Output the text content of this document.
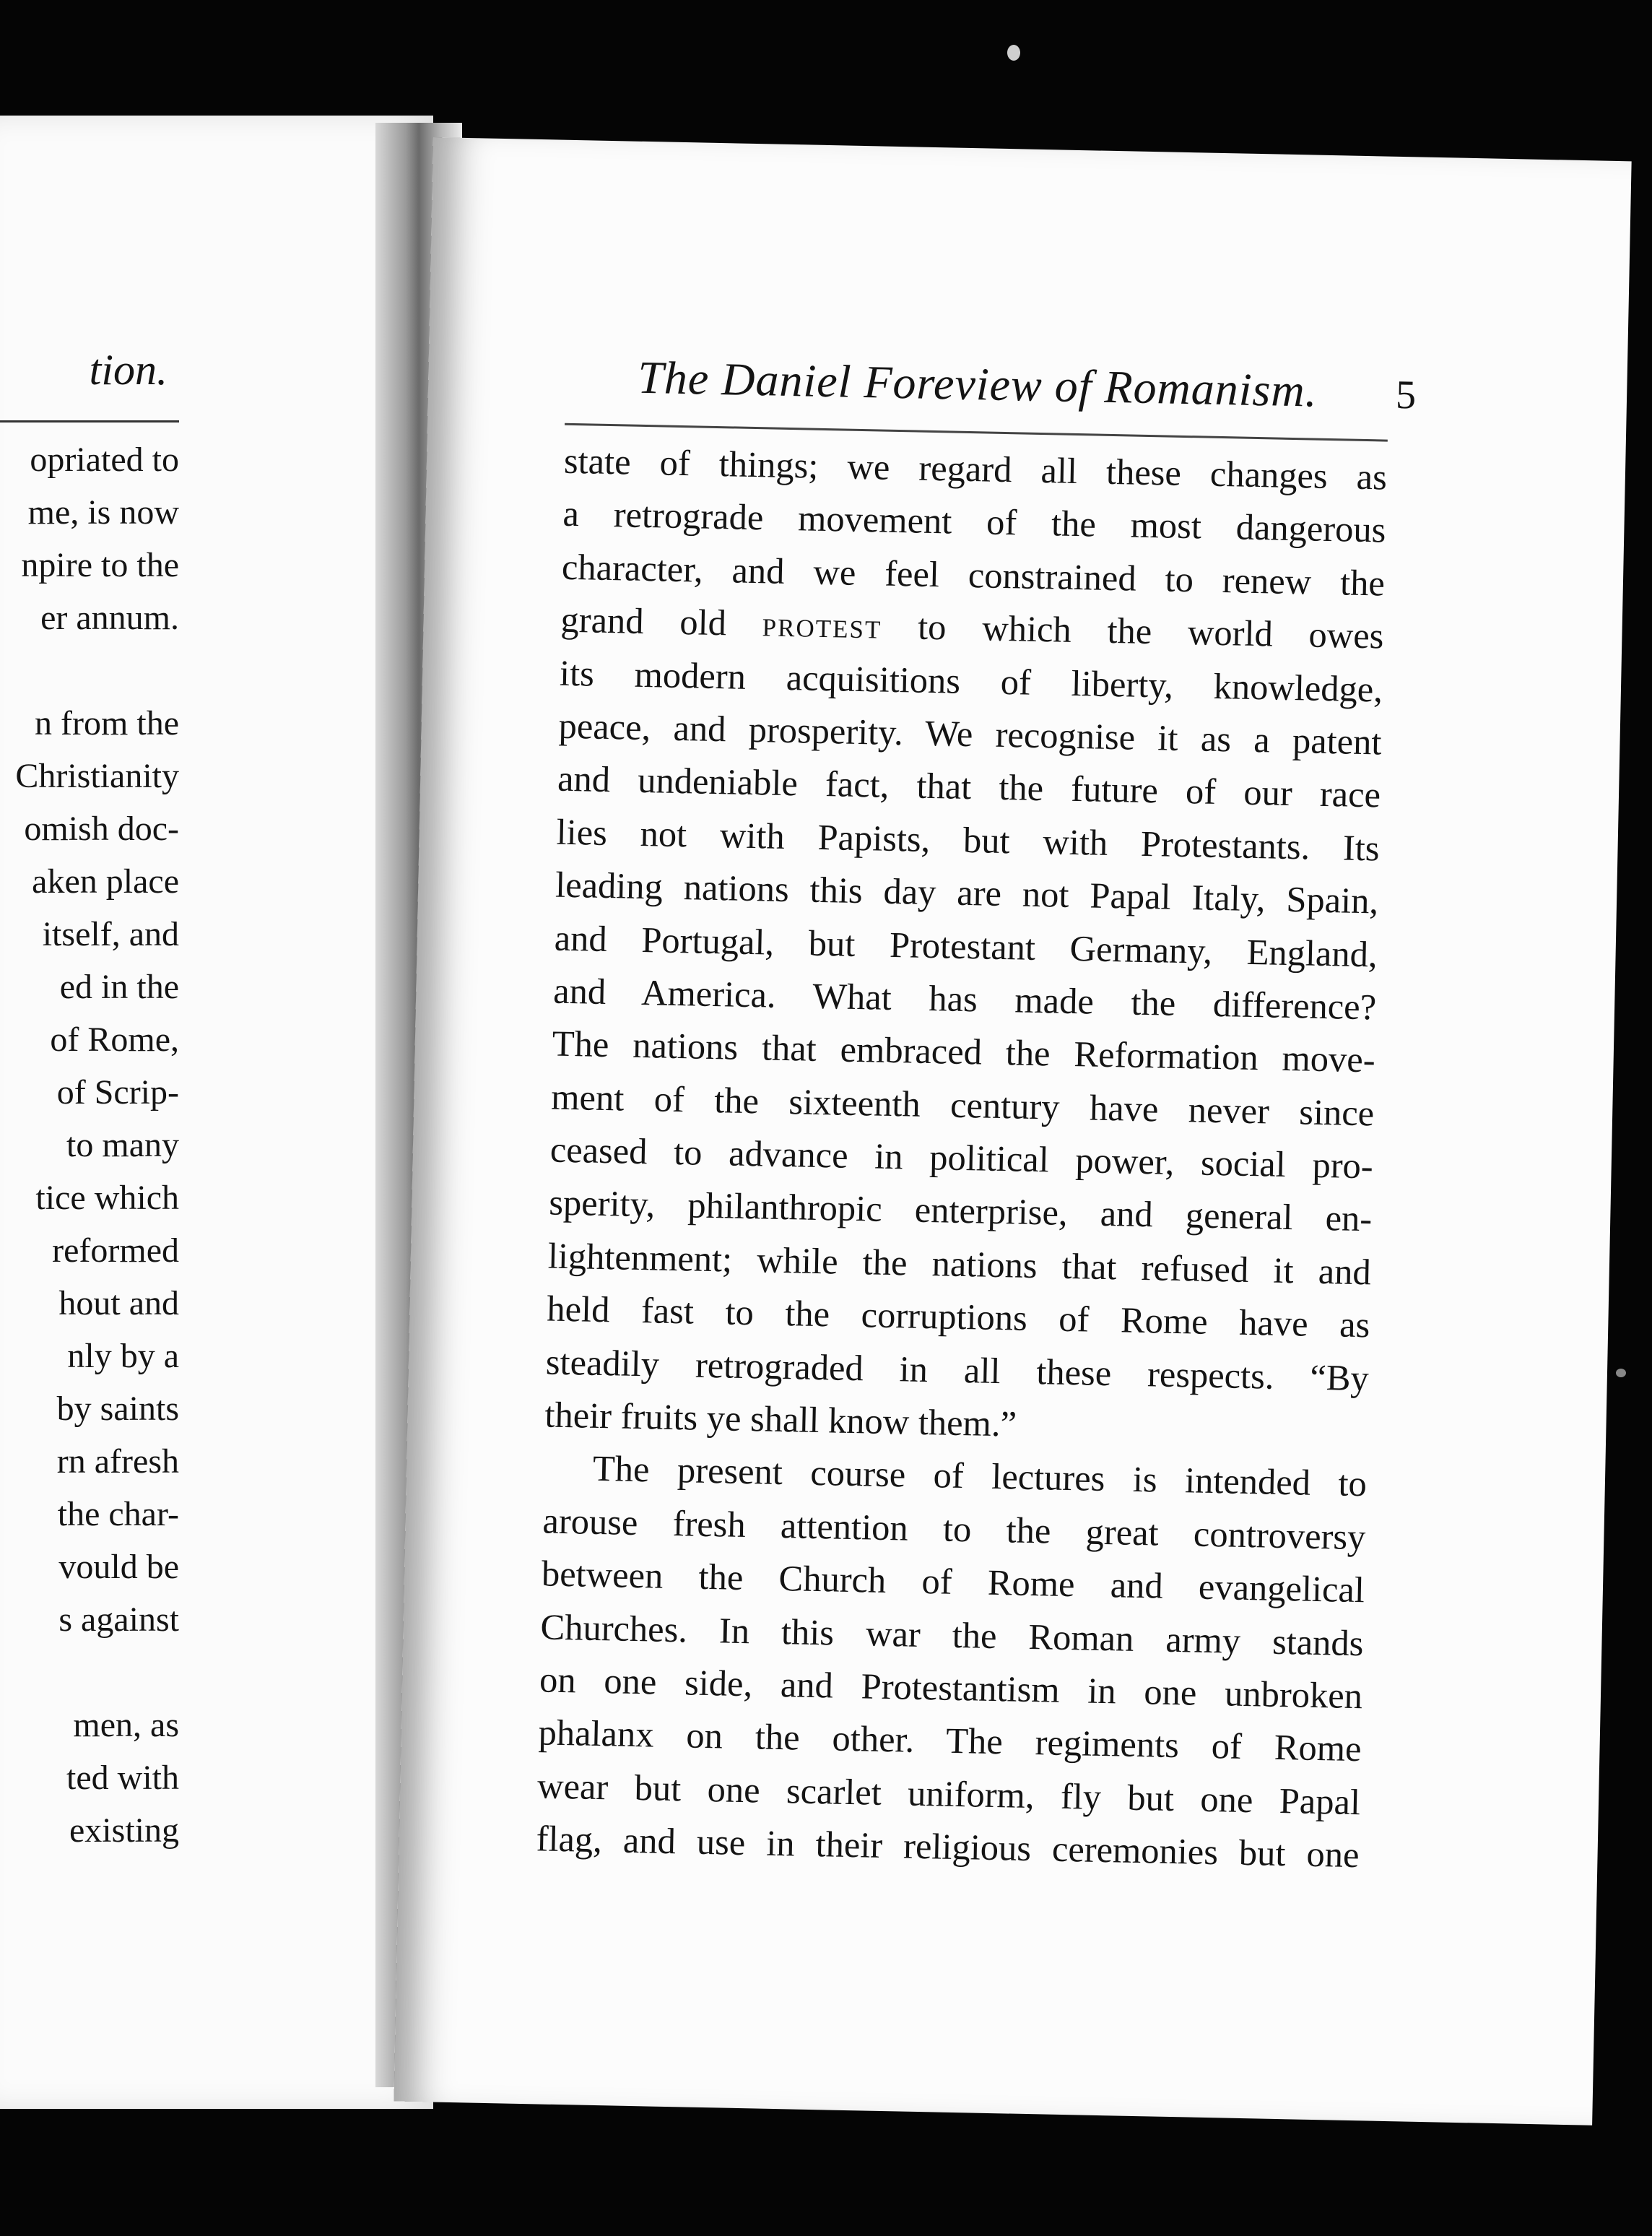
tion.
opriated to
me, is now
npire to the
er annum.
n from the
Christianity
omish doc-
aken place
itself, and
ed in the
of Rome,
of Scrip-
to many
tice which
reformed
hout and
nly by a
by saints
rn afresh
the char-
vould be
s against
men, as
ted with
existing
The Daniel Foreview of Romanism. 5
state of things; we regard all these changes as
a retrograde movement of the most dangerous
character, and we feel constrained to renew the
grand old protest to which the world owes
its modern acquisitions of liberty, knowledge,
peace, and prosperity. We recognise it as a patent
and undeniable fact, that the future of our race
lies not with Papists, but with Protestants. Its
leading nations this day are not Papal Italy, Spain,
and Portugal, but Protestant Germany, England,
and America. What has made the difference?
The nations that embraced the Reformation move-
ment of the sixteenth century have never since
ceased to advance in political power, social pro-
sperity, philanthropic enterprise, and general en-
lightenment; while the nations that refused it and
held fast to the corruptions of Rome have as
steadily retrograded in all these respects. “By
their fruits ye shall know them.”
The present course of lectures is intended to
arouse fresh attention to the great controversy
between the Church of Rome and evangelical
Churches. In this war the Roman army stands
on one side, and Protestantism in one unbroken
phalanx on the other. The regiments of Rome
wear but one scarlet uniform, fly but one Papal
flag, and use in their religious ceremonies but one
